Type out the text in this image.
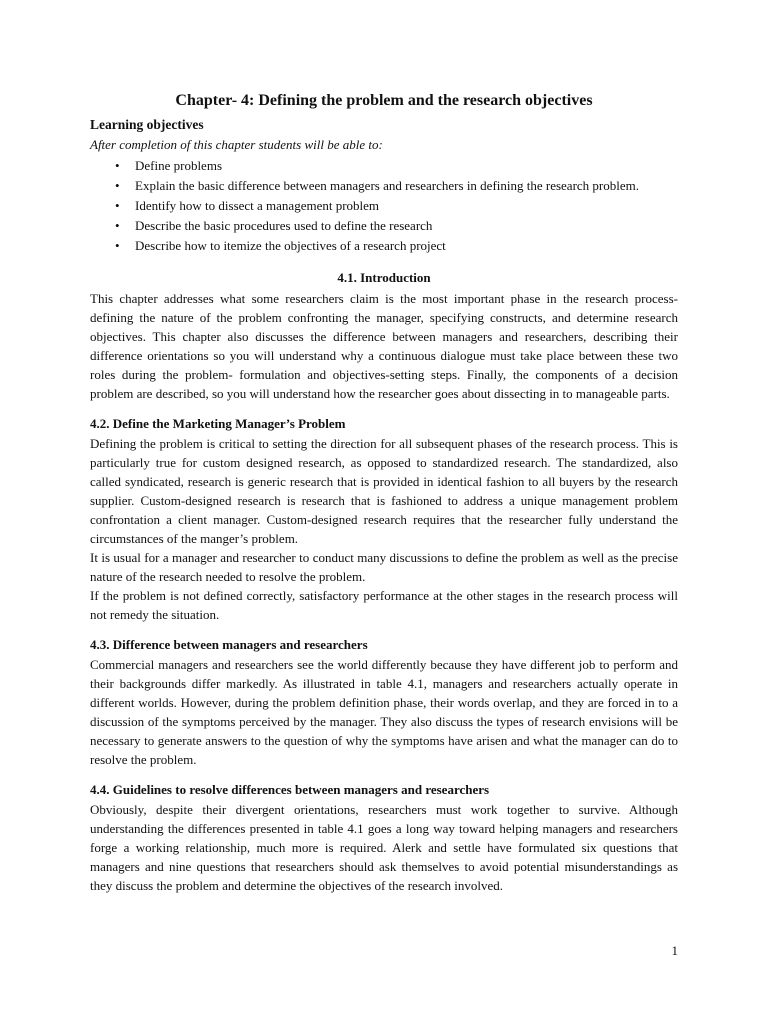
Chapter- 4: Defining the problem and the research objectives
Learning objectives
After completion of this chapter students will be able to:
• Define problems
• Explain the basic difference between managers and researchers in defining the research problem.
• Identify how to dissect a management problem
• Describe the basic procedures used to define the research
• Describe how to itemize the objectives of a research project
4.1. Introduction

This chapter addresses what some researchers claim is the most important phase in the research process- defining the nature of the problem confronting the manager, specifying constructs, and determine research objectives. This chapter also discusses the difference between managers and researchers, describing their difference orientations so you will understand why a continuous dialogue must take place between these two roles during the problem- formulation and objectives-setting steps. Finally, the components of a decision problem are described, so you will understand how the researcher goes about dissecting in to manageable parts.

4.2. Define the Marketing Manager’s Problem

Defining the problem is critical to setting the direction for all subsequent phases of the research process. This is particularly true for custom designed research, as opposed to standardized research. The standardized, also called syndicated, research is generic research that is provided in identical fashion to all buyers by the research supplier. Custom-designed research is research that is fashioned to address a unique management problem confrontation a client manager. Custom-designed research requires that the researcher fully understand the circumstances of the manger’s problem.

It is usual for a manager and researcher to conduct many discussions to define the problem as well as the precise nature of the research needed to resolve the problem.

If the problem is not defined correctly, satisfactory performance at the other stages in the research process will not remedy the situation.

4.3. Difference between managers and researchers

Commercial managers and researchers see the world differently because they have different job to perform and their backgrounds differ markedly. As illustrated in table 4.1, managers and researchers actually operate in different worlds. However, during the problem definition phase, their words overlap, and they are forced in to a discussion of the symptoms perceived by the manager. They also discuss the types of research envisions will be necessary to generate answers to the question of why the symptoms have arisen and what the manager can do to resolve the problem.

4.4. Guidelines to resolve differences between managers and researchers

Obviously, despite their divergent orientations, researchers must work together to survive. Although understanding the differences presented in table 4.1 goes a long way toward helping managers and researchers forge a working relationship, much more is required. Alerk and settle have formulated six questions that managers and nine questions that researchers should ask themselves to avoid potential misunderstandings as they discuss the problem and determine the objectives of the research involved.

1
